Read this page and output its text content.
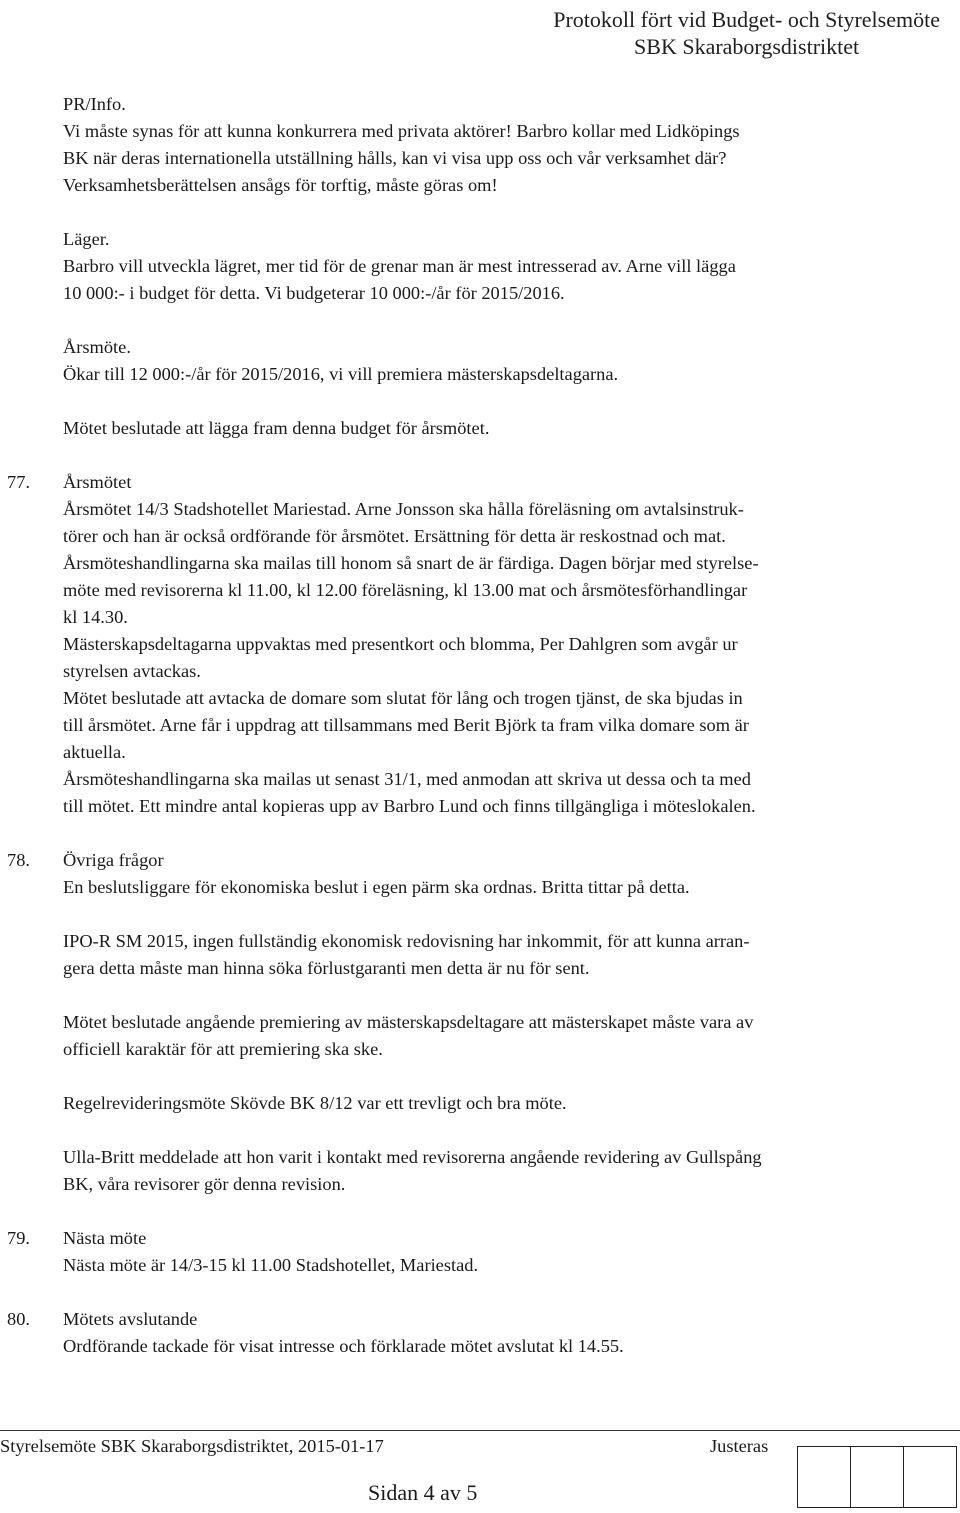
Protokoll fört vid Budget- och Styrelsemöte
SBK Skaraborgsdistriktet
PR/Info.
Vi måste synas för att kunna konkurrera med privata aktörer! Barbro kollar med Lidköpings
BK när deras internationella utställning hålls, kan vi visa upp oss och vår verksamhet där?
Verksamhetsberättelsen ansågs för torftig, måste göras om!
Läger.
Barbro vill utveckla lägret, mer tid för de grenar man är mest intresserad av. Arne vill lägga
10 000:- i budget för detta. Vi budgeterar 10 000:-/år för 2015/2016.
Årsmöte.
Ökar till 12 000:-/år för 2015/2016, vi vill premiera mästerskapsdeltagarna.
Mötet beslutade att lägga fram denna budget för årsmötet.
77. Årsmötet
Årsmötet 14/3 Stadshotellet Mariestad. Arne Jonsson ska hålla föreläsning om avtalsinstruk-
törer och han är också ordförande för årsmötet. Ersättning för detta är reskostnad och mat.
Årsmöteshandlingarna ska mailas till honom så snart de är färdiga. Dagen börjar med styrelse-
möte med revisorerna kl 11.00, kl 12.00 föreläsning, kl 13.00 mat och årsmötesförhandlingar
kl 14.30.
Mästerskapsdeltagarna uppvaktas med presentkort och blomma, Per Dahlgren som avgår ur
styrelsen avtackas.
Mötet beslutade att avtacka de domare som slutat för lång och trogen tjänst, de ska bjudas in
till årsmötet. Arne får i uppdrag att tillsammans med Berit Björk ta fram vilka domare som är
aktuella.
Årsmöteshandlingarna ska mailas ut senast 31/1, med anmodan att skriva ut dessa och ta med
till mötet. Ett mindre antal kopieras upp av Barbro Lund och finns tillgängliga i möteslokalen.
78. Övriga frågor
En beslutsliggare för ekonomiska beslut i egen pärm ska ordnas. Britta tittar på detta.
IPO-R SM 2015, ingen fullständig ekonomisk redovisning har inkommit, för att kunna arran-
gera detta måste man hinna söka förlustgaranti men detta är nu för sent.
Mötet beslutade angående premiering av mästerskapsdeltagare att mästerskapet måste vara av
officiell karaktär för att premiering ska ske.
Regelrevideringsmöte Skövde BK 8/12 var ett trevligt och bra möte.
Ulla-Britt meddelade att hon varit i kontakt med revisorerna angående revidering av Gullspång
BK, våra revisorer gör denna revision.
79. Nästa möte
Nästa möte är 14/3-15 kl 11.00 Stadshotellet, Mariestad.
80. Mötets avslutande
Ordförande tackade för visat intresse och förklarade mötet avslutat kl 14.55.
Styrelsemöte SBK Skaraborgsdistriktet, 2015-01-17	Justeras
Sidan 4 av 5
